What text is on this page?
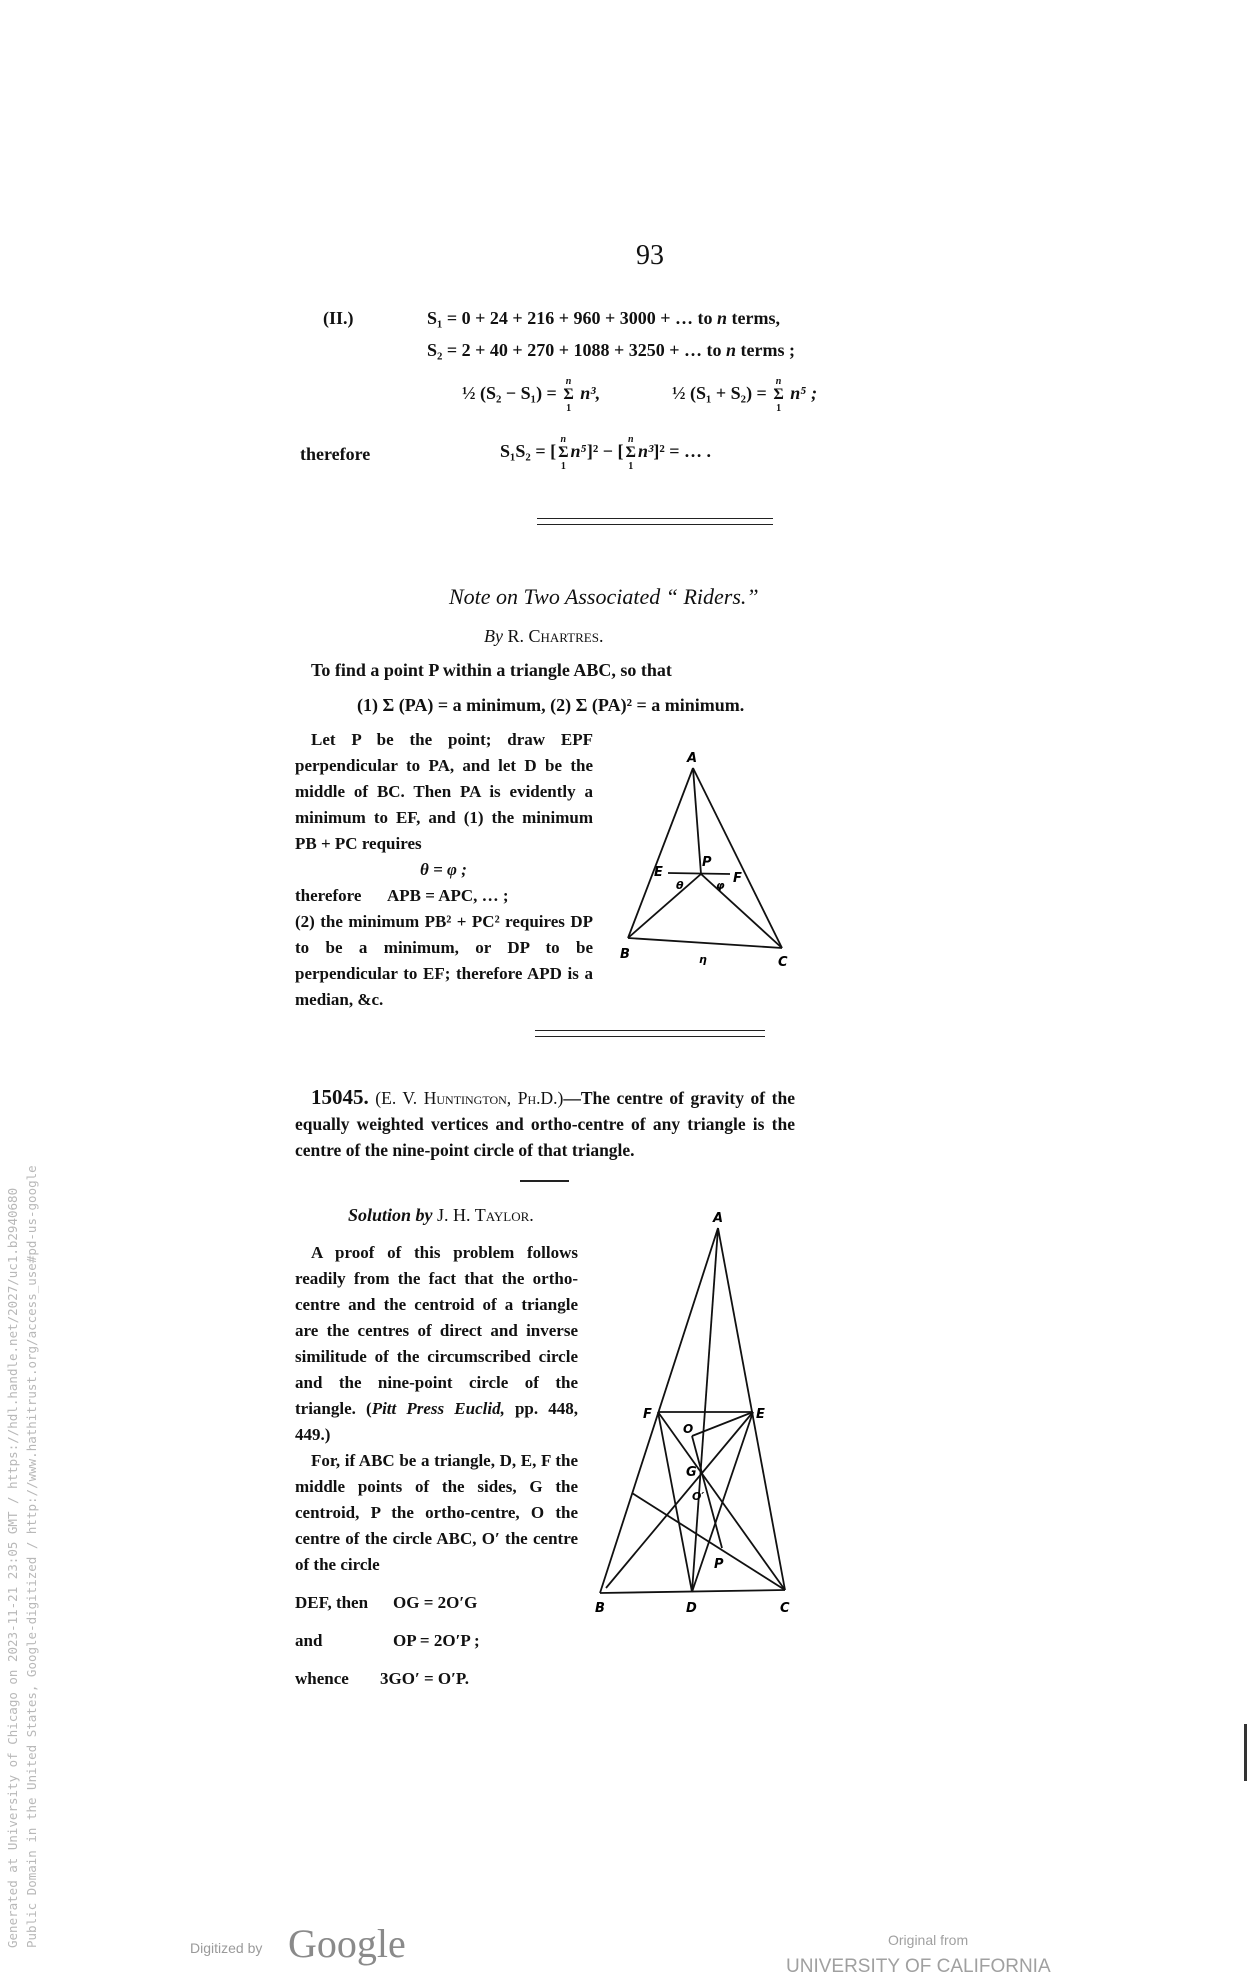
Generated at University of Chicago on 2023-11-21 23:05 GMT / https://hdl.handle.net/2027/uc1.b2940680 Public Domain in the United States, Google-digitized / http://www.hathitrust.org/access_use#pd-us-google
93
(II.)	S₁ = 0 + 24 + 216 + 960 + 3000 + … to n terms,
S₂ = 2 + 40 + 270 + 1088 + 3250 + … to n terms ;
½ (S₂ − S₁) =
n
Σ
1
n³,	½ (S₁ + S₂) =
n
Σ
1
n⁵ ;
therefore	S₁S₂ = [
n
Σ
1
n⁵]² − [
n
Σ
1
n³]² = … .
Note on Two Associated “ Riders.”
By R. Chartres.
To find a point P within a triangle ABC, so that
(1) Σ (PA) = a minimum, (2) Σ (PA)² = a minimum.

Let P be the point; draw EPF perpendicular to PA, and let D be the middle of BC. Then PA is evidently a minimum to EF, and (1) the minimum PB + PC requires

θ = φ ;

therefore APB = APC, … ;

(2) the minimum PB² + PC² requires DP to be a minimum, or DP to be perpendicular to EF; therefore APD is a median, &c.

A
B
C
E	F
P
θ	φ
η

15045. (E. V. Huntington, Ph.D.)—The centre of gravity of the equally weighted vertices and ortho-centre of any triangle is the centre of the nine-point circle of that triangle.

Solution by J. H. Taylor.

A proof of this problem follows readily from the fact that the ortho-centre and the centroid of a triangle are the centres of direct and inverse similitude of the circumscribed circle and the nine-point circle of the triangle. (Pitt Press Euclid, pp. 448, 449.)

For, if ABC be a triangle, D, E, F the middle points of the sides, G the centroid, P the ortho-centre, O the centre of the circle ABC, O′ the centre of the circle

DEF, then OG = 2O′G

and	OP = 2O′P ;

whence 3GO′ = O′P.

A
F	E
O
G
O′
P
B	D	C
Digitized by Google	Original from
UNIVERSITY OF CALIFORNIA
